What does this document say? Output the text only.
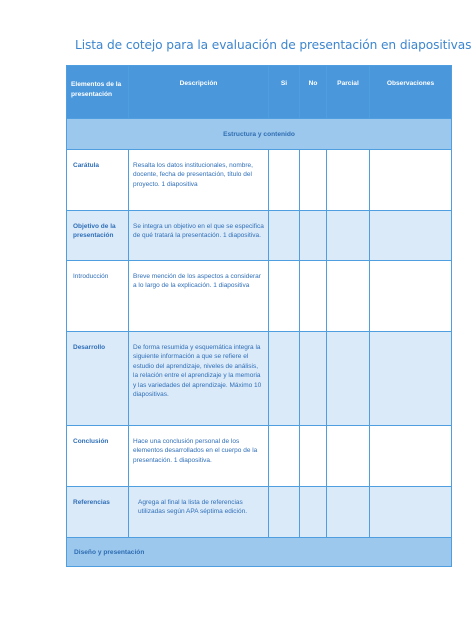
Lista de cotejo para la evaluación de presentación en diapositivas
Elementos de la presentación	Descripción	Si	No	Parcial	Observaciones

Estructura y contenido					
Carátula	Resalta los datos institucionales, nombre, docente, fecha de presentación, título del proyecto. 1 diapositiva				
Objetivo de la presentación	Se integra un objetivo en el que se especifica de qué tratará la presentación. 1 diapositiva.				
Introducción	Breve mención de los aspectos a considerar a lo largo de la explicación. 1 diapositiva				
Desarrollo	De forma resumida y esquemática integra la siguiente información a que se refiere el estudio del aprendizaje, niveles de análisis, la relación entre el aprendizaje y la memoria y las variedades del aprendizaje. Máximo 10 diapositivas.				
Conclusión	Hace una conclusión personal de los elementos desarrollados en el cuerpo de la presentación. 1 diapositiva.				
Referencias	Agrega al final la lista de referencias utilizadas según APA séptima edición.				
Diseño y presentación					
